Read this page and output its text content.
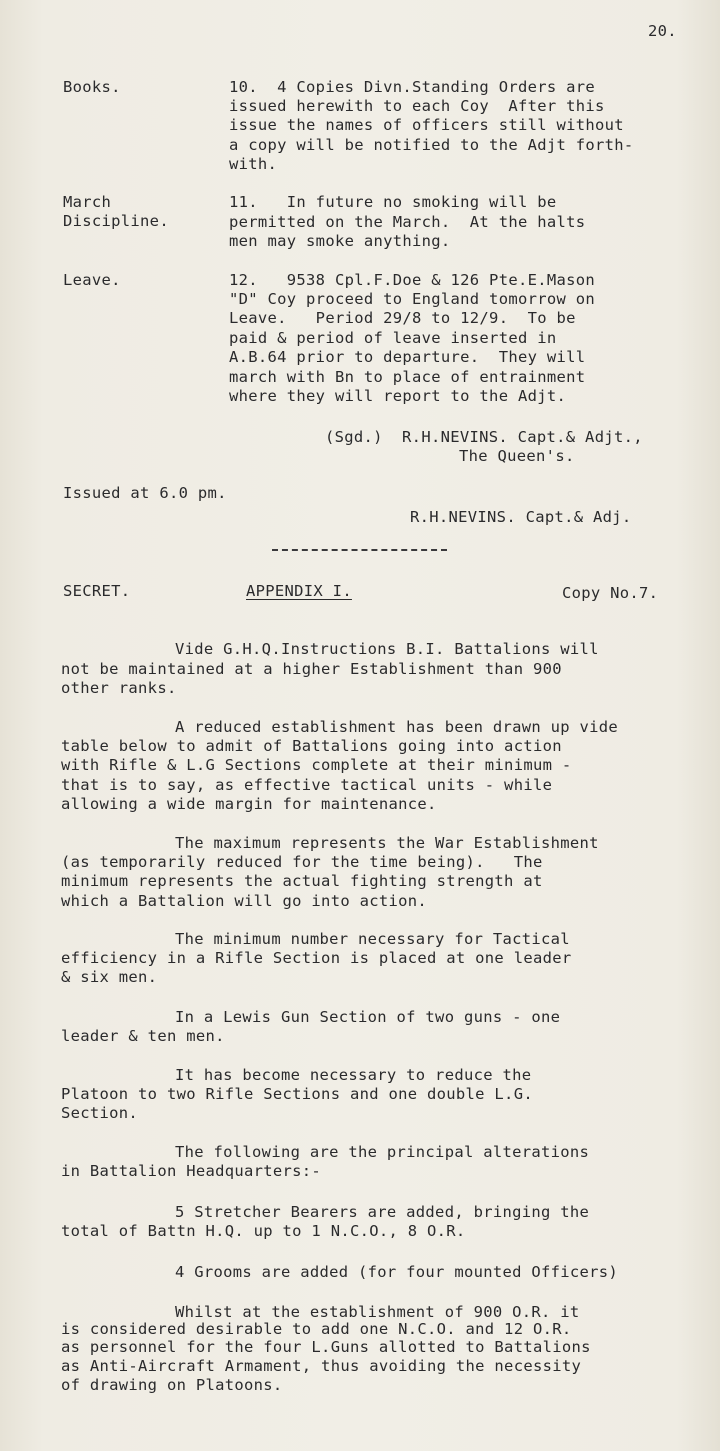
20.
Books.	10.  4 Copies Divn.Standing Orders are
issued herewith to each Coy  After this
issue the names of officers still without
a copy will be notified to the Adjt forth-
with.
March
Discipline.
11.   In future no smoking will be
permitted on the March.  At the halts
men may smoke anything.
Leave.	12.   9538 Cpl.F.Doe & 126 Pte.E.Mason
"D" Coy proceed to England tomorrow on
Leave.   Period 29/8 to 12/9.  To be
paid & period of leave inserted in
A.B.64 prior to departure.  They will
march with Bn to place of entrainment
where they will report to the Adjt.
(Sgd.)  R.H.NEVINS. Capt.& Adjt.,
The Queen's.
Issued at 6.0 pm.
R.H.NEVINS. Capt.& Adj.
SECRET.	APPENDIX I.	Copy No.7.
Vide G.H.Q.Instructions B.I. Battalions will
not be maintained at a higher Establishment than 900
other ranks.
A reduced establishment has been drawn up vide
table below to admit of Battalions going into action
with Rifle & L.G Sections complete at their minimum -
that is to say, as effective tactical units - while
allowing a wide margin for maintenance.
The maximum represents the War Establishment
(as temporarily reduced for the time being).   The
minimum represents the actual fighting strength at
which a Battalion will go into action.
The minimum number necessary for Tactical
efficiency in a Rifle Section is placed at one leader
& six men.
In a Lewis Gun Section of two guns - one
leader & ten men.
It has become necessary to reduce the
Platoon to two Rifle Sections and one double L.G.
Section.
The following are the principal alterations
in Battalion Headquarters:-
5 Stretcher Bearers are added, bringing the
total of Battn H.Q. up to 1 N.C.O., 8 O.R.
4 Grooms are added (for four mounted Officers)
Whilst at the establishment of 900 O.R. it
is considered desirable to add one N.C.O. and 12 O.R.
as personnel for the four L.Guns allotted to Battalions
as Anti-Aircraft Armament, thus avoiding the necessity
of drawing on Platoons.
